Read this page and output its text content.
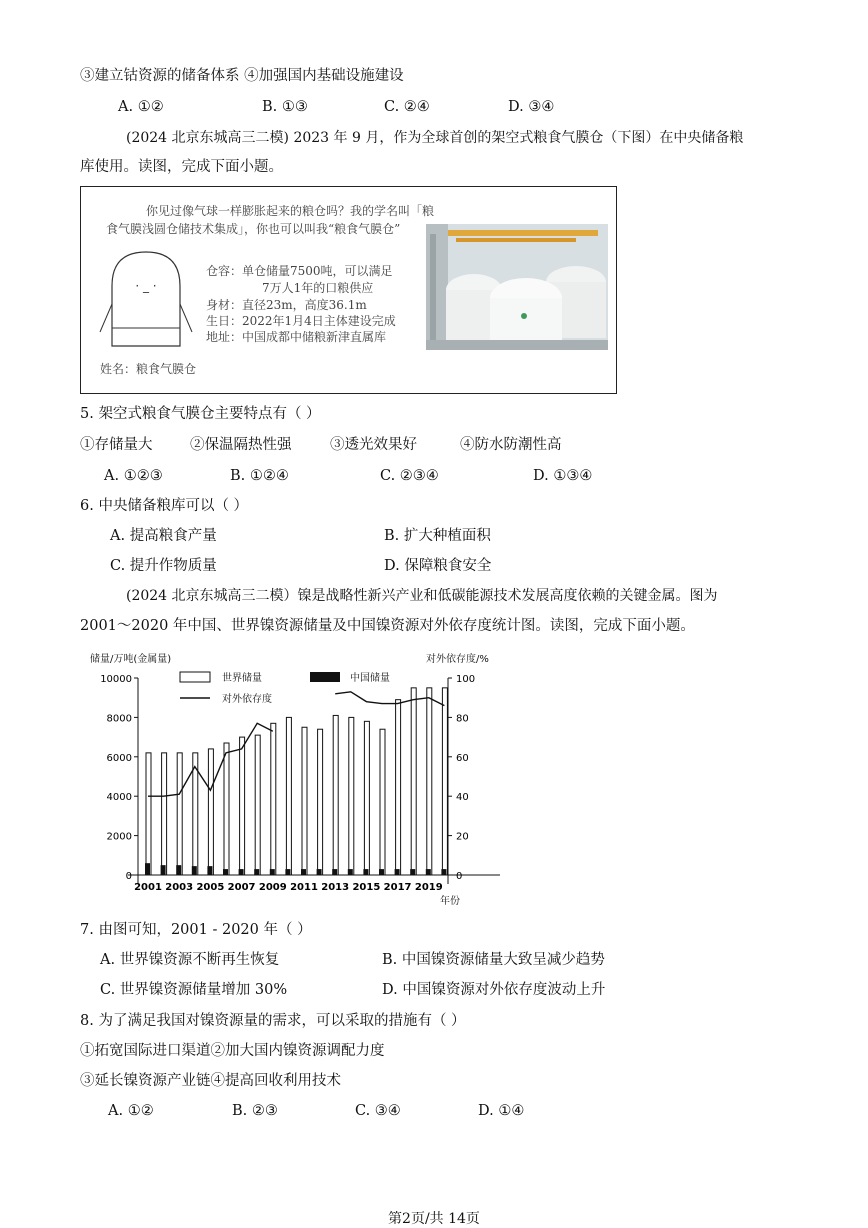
③建立钴资源的储备体系 ④加强国内基础设施建设
A. ①②	B. ①③	C. ②④	D. ③④
(2024 北京东城高三二模) 2023 年 9 月，作为全球首创的架空式粮食气膜仓（下图）在中央储备粮
库使用。读图，完成下面小题。
你见过像气球一样膨胀起来的粮仓吗？我的学名叫「粮
食气膜浅圆仓储技术集成」，你也可以叫我“粮食气膜仓”
仓容：单仓储量7500吨，可以满足
7万人1年的口粮供应
身材：直径23m，高度36.1m
生日：2022年1月4日主体建设完成
地址：中国成都中储粮新津直属库
姓名：粮食气膜仓
· _ ·
5. 架空式粮食气膜仓主要特点有（ ）
①存储量大	②保温隔热性强	③透光效果好	④防水防潮性高
A. ①②③	B. ①②④	C. ②③④	D. ①③④
6. 中央储备粮库可以（ ）
A. 提高粮食产量	B. 扩大种植面积
C. 提升作物质量	D. 保障粮食安全
(2024 北京东城高三二模）镍是战略性新兴产业和低碳能源技术发展高度依赖的关键金属。图为
2001～2020 年中国、世界镍资源储量及中国镍资源对外依存度统计图。读图，完成下面小题。
储量/万吨(金属量)	对外依存度/%
年份
0
2000
4000
6000
8000
10000
0
20
40
60
80
100
2001 2003 2005 2007 2009 2011 2013 2015 2017 2019
世界储量	中国储量
对外依存度
7. 由图可知，2001 ‑ 2020 年（ ）
A. 世界镍资源不断再生恢复	B. 中国镍资源储量大致呈减少趋势
C. 世界镍资源储量增加 30%	D. 中国镍资源对外依存度波动上升
8. 为了满足我国对镍资源量的需求，可以采取的措施有（ ）
①拓宽国际进口渠道②加大国内镍资源调配力度
③延长镍资源产业链④提高回收利用技术
A. ①②	B. ②③	C. ③④	D. ①④
第2页/共 14页
